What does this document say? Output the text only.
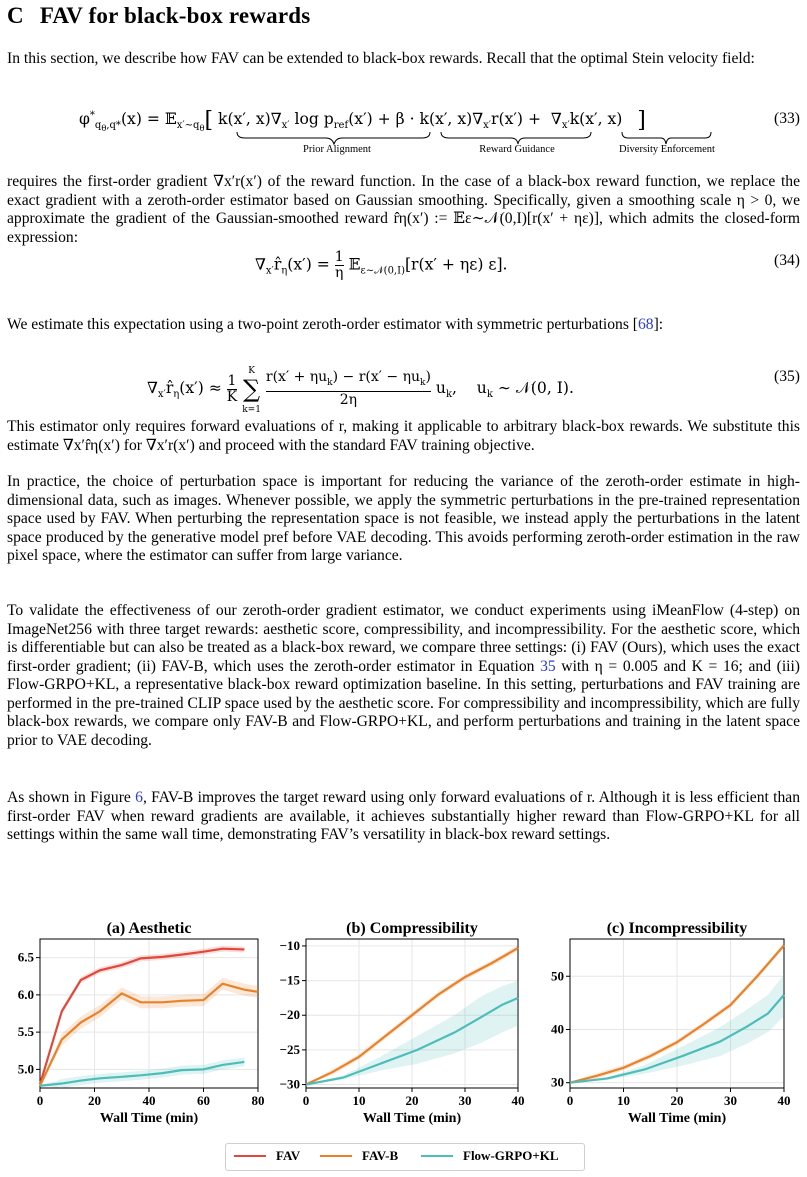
C FAV for black-box rewards

In this section, we describe how FAV can be extended to black-box rewards. Recall that the optimal Stein velocity field:

$\varphi^*_{q_\theta,q*}(x)$ = 𝔼$_{x'\sim q_\theta}$[ k(x′, $x)\nabla_{x'}$ $\log p_{ref}(x') + \beta \cdot k(x'$, $x)\nabla_{x'}r(x') + \nabla_{x'}k(x'$, x)   ]	(33)
Prior Alignment	Reward Guidance	Diversity Enforcement

requires the first-order gradient ∇x′r(x′) of the reward function. In the case of a black-box reward function, we replace the exact gradient with a zeroth-order estimator based on Gaussian smoothing. Specifically, given a smoothing scale η > 0, we approximate the gradient of the Gaussian-smoothed reward r̂η(x′) := 𝔼ε∼𝒩(0,I)[r(x′ + ηε)], which admits the closed-form expression:

$\nabla_{x'}r̂_\eta(x') = 1$

η 𝔼$_{\varepsilon\sim 𝒩(0,I)}$[r(x′ + ηε) ε].	(34)

We estimate this expectation using a two-point zeroth-order estimator with symmetric perturbations [68]:

$\nabla_{x'}r̂_\eta(x') \approx 1$

K
K
∑
k=1 $r(x' + \eta u_k) - r(x' - \eta u_k)$

2η
$u_k$,    $u_k$ ∼ 𝒩(0, I).
(35)

This estimator only requires forward evaluations of r, making it applicable to arbitrary black-box rewards. We substitute this estimate ∇x′r̂η(x′) for ∇x′r(x′) and proceed with the standard FAV training objective.

In practice, the choice of perturbation space is important for reducing the variance of the zeroth-order estimate in high-dimensional data, such as images. Whenever possible, we apply the symmetric perturbations in the pre-trained representation space used by FAV. When perturbing the representation space is not feasible, we instead apply the perturbations in the latent space produced by the generative model pref before VAE decoding. This avoids performing zeroth-order estimation in the raw pixel space, where the estimator can suffer from large variance.

To validate the effectiveness of our zeroth-order gradient estimator, we conduct experiments using iMeanFlow (4-step) on ImageNet256 with three target rewards: aesthetic score, compressibility, and incompressibility. For the aesthetic score, which is differentiable but can also be treated as a black-box reward, we compare three settings: (i) FAV (Ours), which uses the exact first-order gradient; (ii) FAV-B, which uses the zeroth-order estimator in Equation 35 with η = 0.005 and K = 16; and (iii) Flow-GRPO+KL, a representative black-box reward optimization baseline. In this setting, perturbations and FAV training are performed in the pre-trained CLIP space used by the aesthetic score. For compressibility and incompressibility, which are fully black-box rewards, we compare only FAV-B and Flow-GRPO+KL, and perform perturbations and training in the latent space prior to VAE decoding.

As shown in Figure 6, FAV-B improves the target reward using only forward evaluations of r. Although it is less efficient than first-order FAV when reward gradients are available, it achieves substantially higher reward than Flow-GRPO+KL for all settings within the same wall time, demonstrating FAV’s versatility in black-box reward settings.

0	20	40	60	80
5.0
5.5
6.0
6.5
(a) Aesthetic
Wall Time (min)
0	10	20	30	40
−30
−25
−20
−15
−10
(b) Compressibility
Wall Time (min)
0	10	20	30	40
30
40
50
(c) Incompressibility
Wall Time (min)
FAV	FAV-B	Flow-GRPO+KL
